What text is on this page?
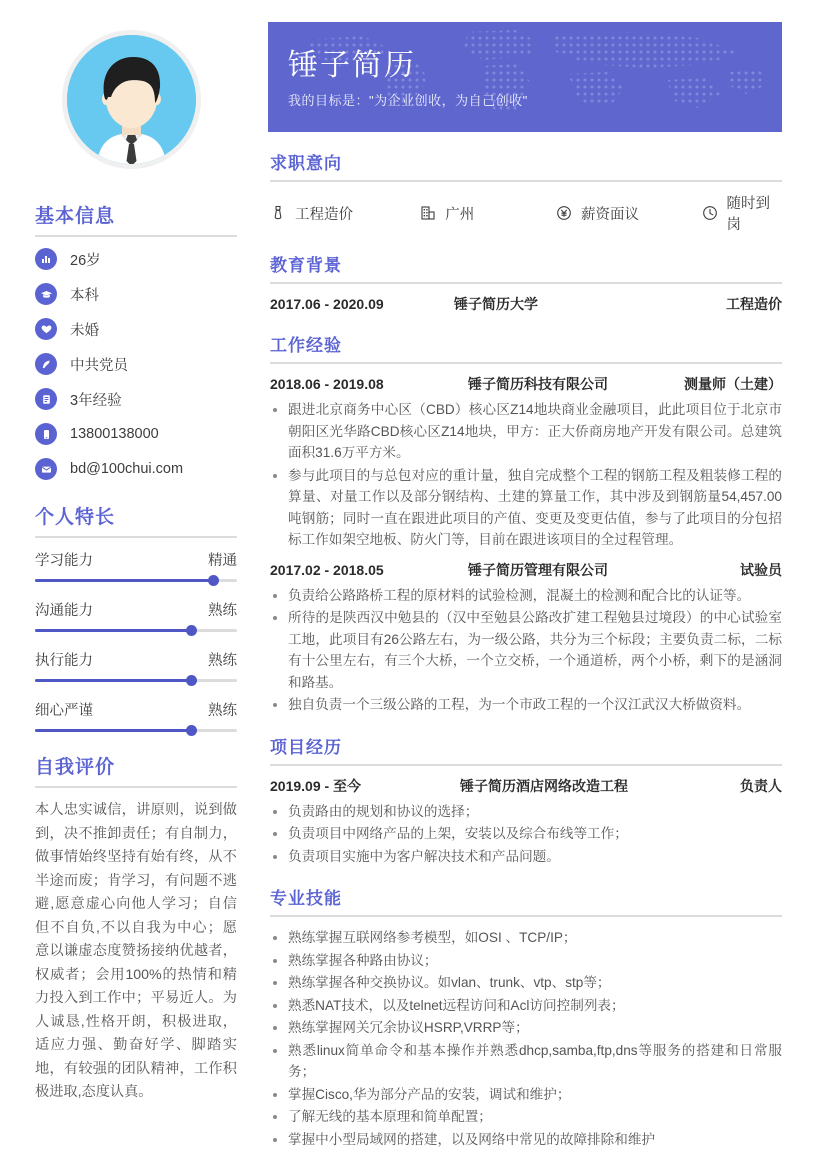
基本信息
26岁
本科
未婚
中共党员
3年经验
13800138000
bd@100chui.com
个人特长
学习能力	精通
沟通能力	熟练
执行能力	熟练
细心严谨	熟练
自我评价
本人忠实诚信，讲原则，说到做到，决不推卸责任；有自制力，做事情始终坚持有始有终，从不半途而废；肯学习，有问题不逃避,愿意虚心向他人学习；自信但不自负,不以自我为中心；愿意以谦虚态度赞扬接纳优越者，权威者；会用100%的热情和精力投入到工作中；平易近人。为人诚恳,性格开朗，积极进取，适应力强、勤奋好学、脚踏实地，有较强的团队精神，工作积极进取,态度认真。
锤子简历
我的目标是："为企业创收，为自己创收"
求职意向
工程造价	广州	薪资面议
随时到岗
教育背景
2017.06 - 2020.09	锤子简历大学	工程造价
工作经验
2018.06 - 2019.08	锤子简历科技有限公司	测量师（土建）
跟进北京商务中心区（CBD）核心区Z14地块商业金融项目，此此项目位于北京市朝阳区光华路CBD核心区Z14地块，甲方：正大侨商房地产开发有限公司。总建筑面积31.6万平方米。
参与此项目的与总包对应的重计量，独自完成整个工程的钢筋工程及粗装修工程的算量、对量工作以及部分钢结构、土建的算量工作，其中涉及到钢筋量54,457.00吨钢筋；同时一直在跟进此项目的产值、变更及变更估值，参与了此项目的分包招标工作如架空地板、防火门等，目前在跟进该项目的全过程管理。
2017.02 - 2018.05	锤子简历管理有限公司	试验员
负责给公路路桥工程的原材料的试验检测，混凝土的检测和配合比的认证等。
所待的是陕西汉中勉县的（汉中至勉县公路改扩建工程勉县过境段）的中心试验室工地，此项目有26公路左右，为一级公路，共分为三个标段；主要负责二标，二标有十公里左右，有三个大桥，一个立交桥，一个通道桥，两个小桥，剩下的是涵洞和路基。
独自负责一个三级公路的工程，为一个市政工程的一个汉江武汉大桥做资料。
项目经历
2019.09 - 至今	锤子简历酒店网络改造工程	负责人
负责路由的规划和协议的选择；
负责项目中网络产品的上架，安装以及综合布线等工作；
负责项目实施中为客户解决技术和产品问题。
专业技能
熟练掌握互联网络参考模型，如OSI 、TCP/IP；
熟练掌握各种路由协议；
熟练掌握各种交换协议。如vlan、trunk、vtp、stp等；
熟悉NAT技术，以及telnet远程访问和Acl访问控制列表；
熟练掌握网关冗余协议HSRP,VRRP等；
熟悉linux简单命令和基本操作并熟悉dhcp,samba,ftp,dns等服务的搭建和日常服务；
掌握Cisco,华为部分产品的安装，调试和维护；
了解无线的基本原理和简单配置；
掌握中小型局域网的搭建，以及网络中常见的故障排除和维护
